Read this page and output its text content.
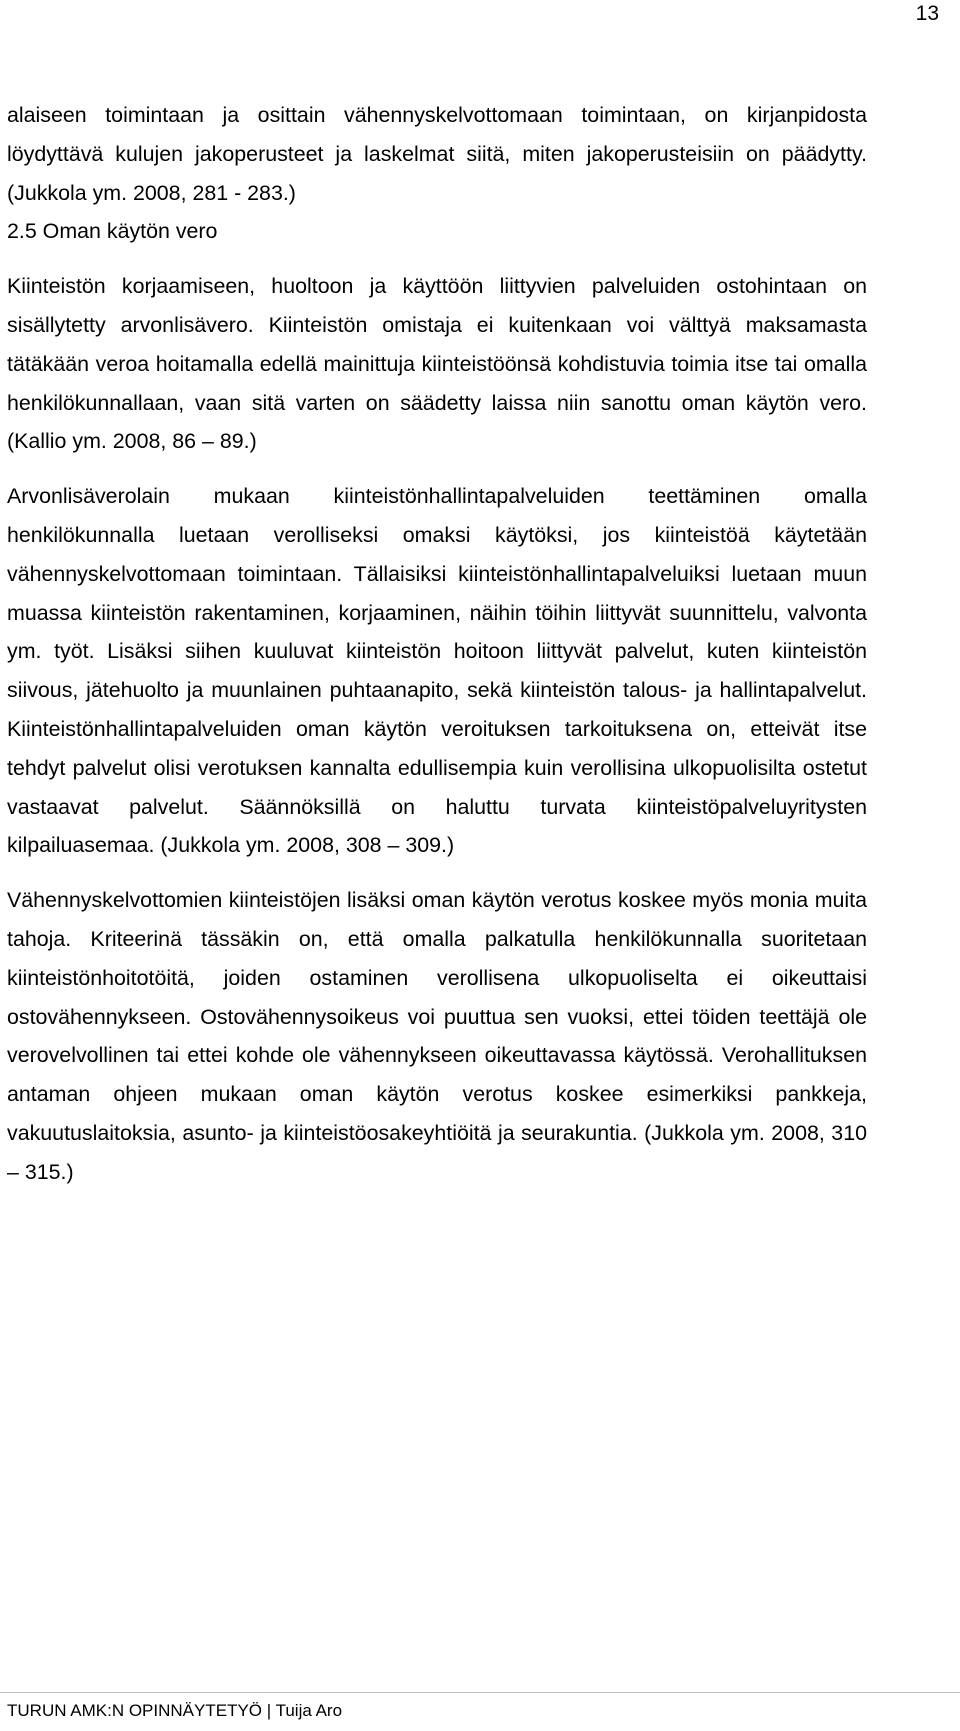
13

alaiseen toimintaan ja osittain vähennyskelvottomaan toimintaan, on kirjanpidosta löydyttävä kulujen jakoperusteet ja laskelmat siitä, miten jakoperusteisiin on päädytty. (Jukkola ym. 2008, 281 - 283.)

2.5 Oman käytön vero

Kiinteistön korjaamiseen, huoltoon ja käyttöön liittyvien palveluiden ostohintaan on sisällytetty arvonlisävero. Kiinteistön omistaja ei kuitenkaan voi välttyä maksamasta tätäkään veroa hoitamalla edellä mainittuja kiinteistöönsä kohdistuvia toimia itse tai omalla henkilökunnallaan, vaan sitä varten on säädetty laissa niin sanottu oman käytön vero. (Kallio ym. 2008, 86 – 89.)

Arvonlisäverolain mukaan kiinteistönhallintapalveluiden teettäminen omalla henkilökunnalla luetaan verolliseksi omaksi käytöksi, jos kiinteistöä käytetään vähennyskelvottomaan toimintaan. Tällaisiksi kiinteistönhallintapalveluiksi luetaan muun muassa kiinteistön rakentaminen, korjaaminen, näihin töihin liittyvät suunnittelu, valvonta ym. työt. Lisäksi siihen kuuluvat kiinteistön hoitoon liittyvät palvelut, kuten kiinteistön siivous, jätehuolto ja muunlainen puhtaanapito, sekä kiinteistön talous- ja hallintapalvelut. Kiinteistönhallintapalveluiden oman käytön veroituksen tarkoituksena on, etteivät itse tehdyt palvelut olisi verotuksen kannalta edullisempia kuin verollisina ulkopuolisilta ostetut vastaavat palvelut. Säännöksillä on haluttu turvata kiinteistöpalveluyritysten kilpailuasemaa. (Jukkola ym. 2008, 308 – 309.)

Vähennyskelvottomien kiinteistöjen lisäksi oman käytön verotus koskee myös monia muita tahoja. Kriteerinä tässäkin on, että omalla palkatulla henkilökunnalla suoritetaan kiinteistönhoitotöitä, joiden ostaminen verollisena ulkopuoliselta ei oikeuttaisi ostovähennykseen. Ostovähennysoikeus voi puuttua sen vuoksi, ettei töiden teettäjä ole verovelvollinen tai ettei kohde ole vähennykseen oikeuttavassa käytössä. Verohallituksen antaman ohjeen mukaan oman käytön verotus koskee esimerkiksi pankkeja, vakuutuslaitoksia, asunto- ja kiinteistöosakeyhtiöitä ja seurakuntia. (Jukkola ym. 2008, 310 – 315.)

TURUN AMK:N OPINNÄYTETYÖ | Tuija Aro
